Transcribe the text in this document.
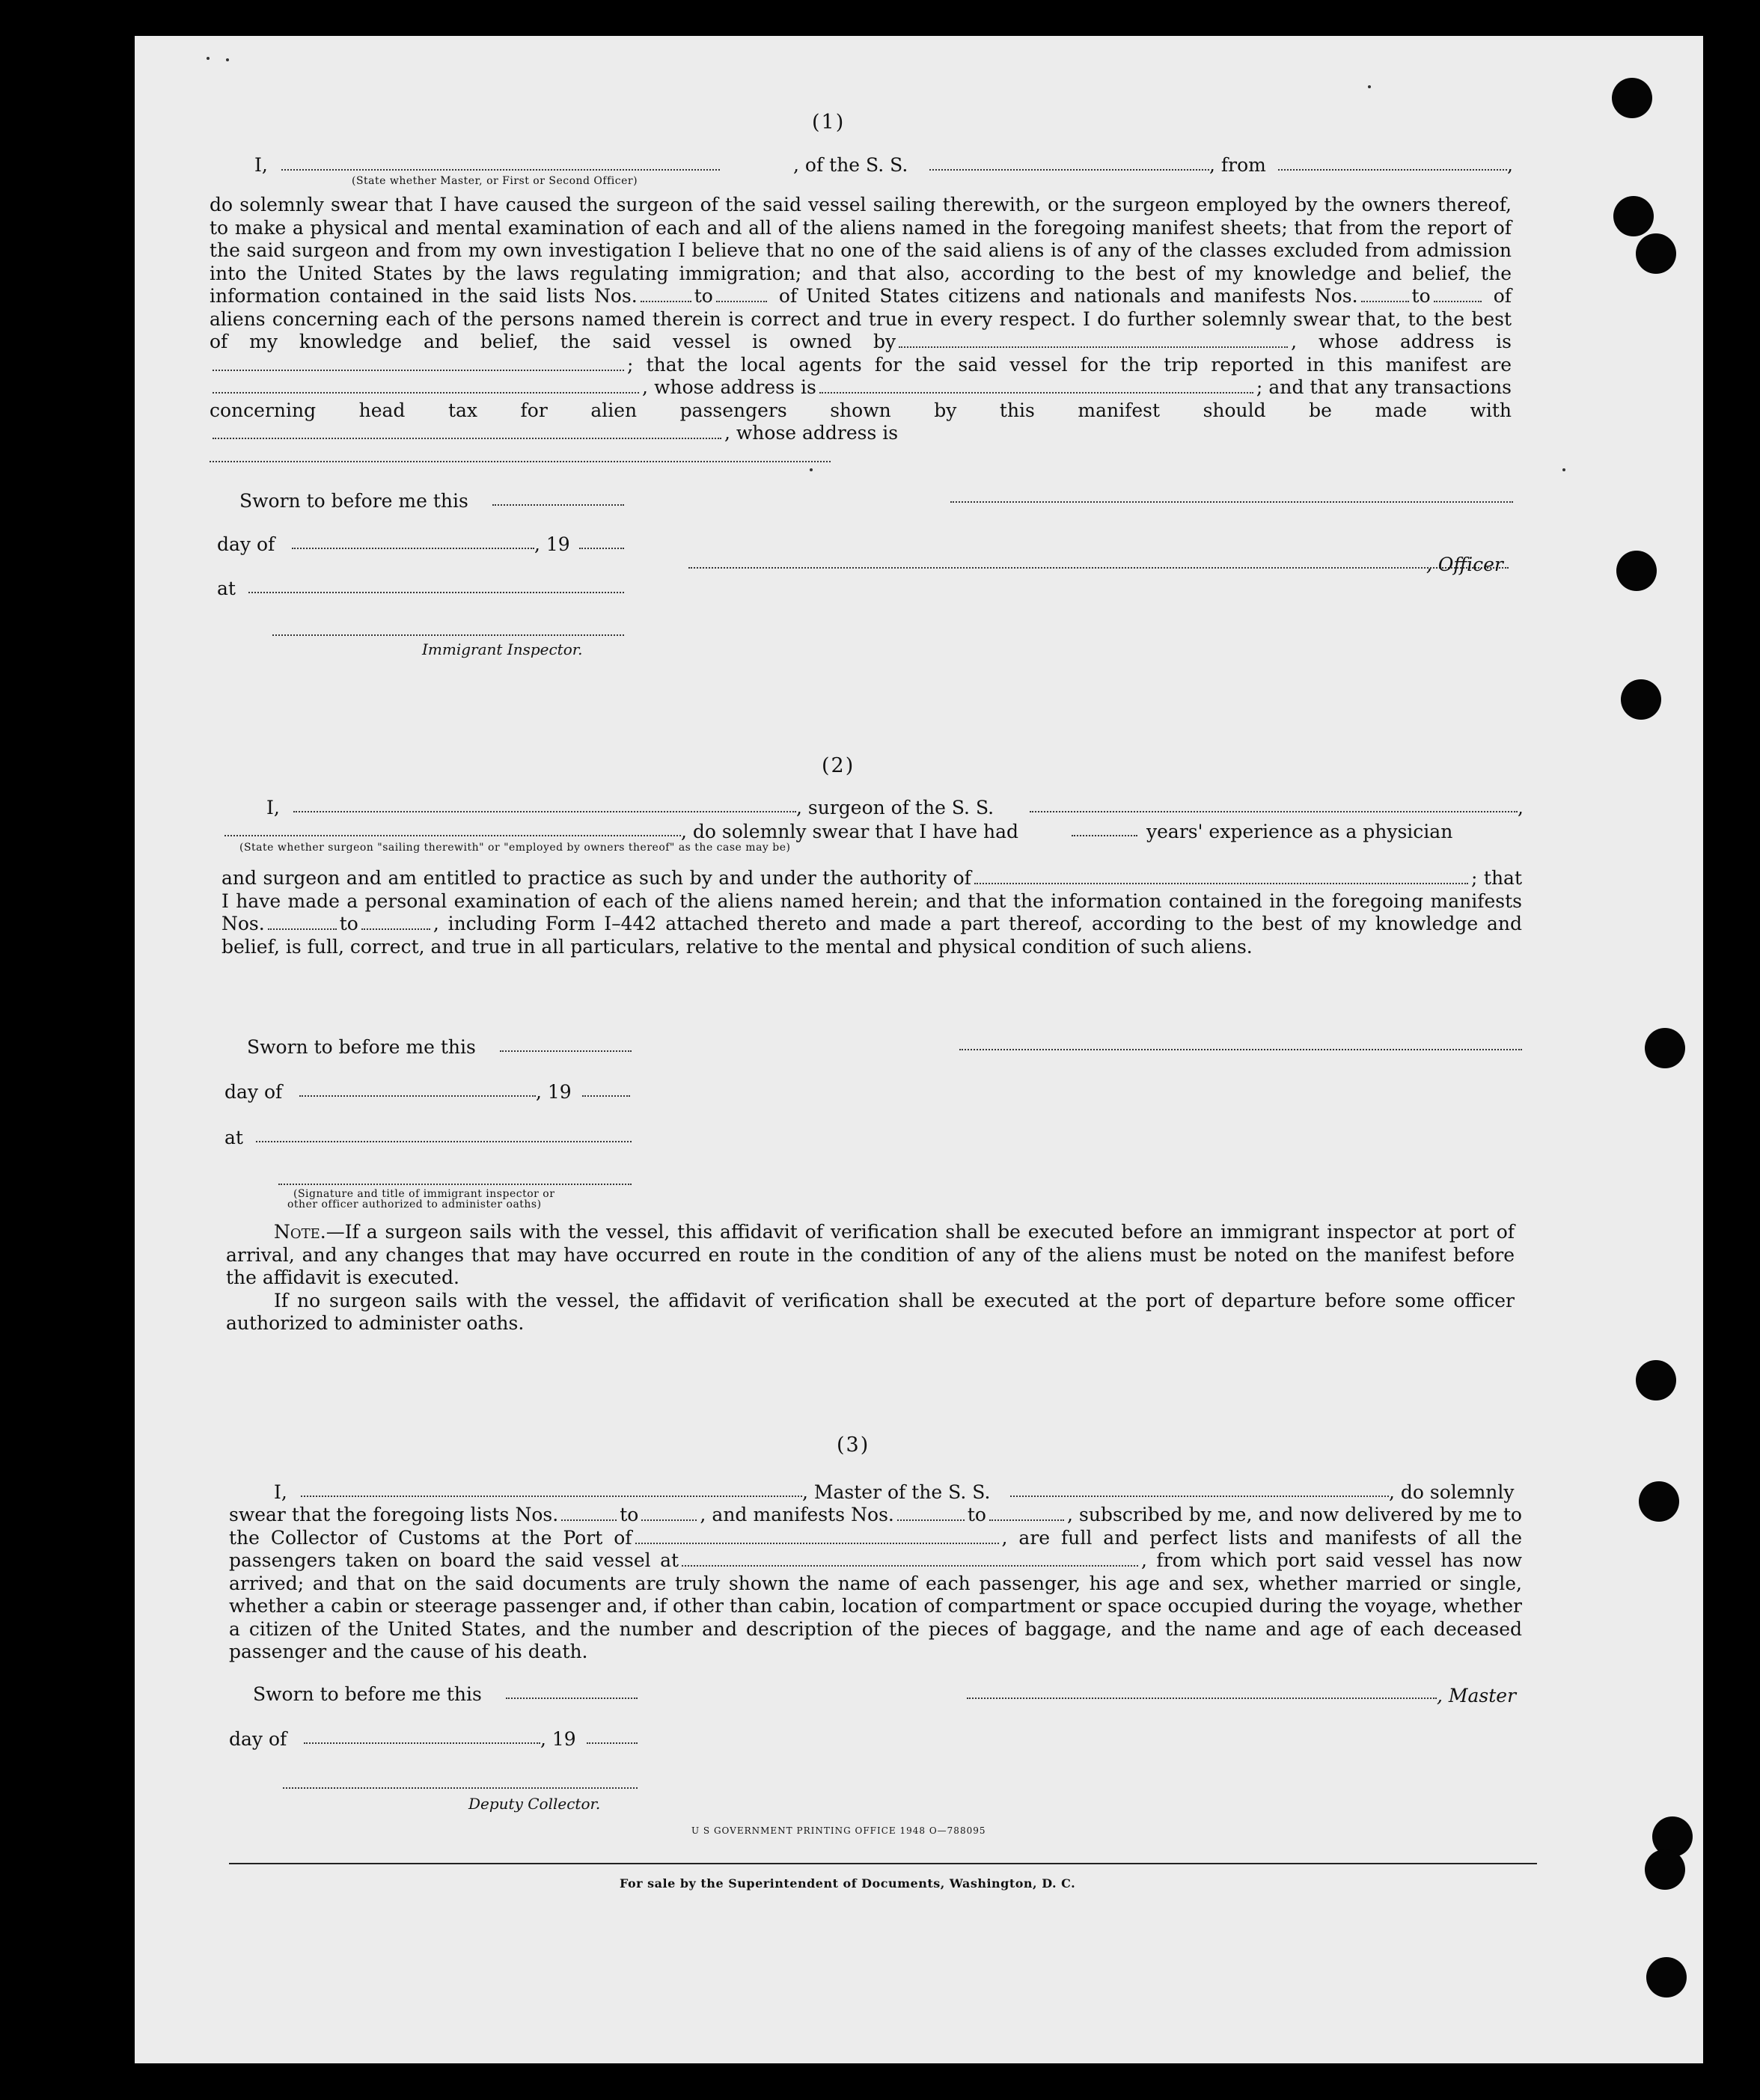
(1)
I,
(State whether Master, or First or Second Officer)
, of the S. S.	, from	,
do solemnly swear that I have caused the surgeon of the said vessel sailing therewith, or the surgeon employed by the owners thereof, to make a physical and mental examination of each and all of the aliens named in the foregoing manifest sheets; that from the report of the said surgeon and from my own investigation I believe that no one of the said aliens is of any of the classes excluded from admission into the United States by the laws regulating immigration; and that also, according to the best of my knowledge and belief, the information contained in the said lists Nos.	to	of United States citizens and nationals and manifests Nos.	to	of aliens concerning each of the persons named therein is correct and true in every respect. I do further solemnly swear that, to the best of my knowledge and belief, the said vessel is owned by	, whose address is; that the local agents for the said vessel for the trip reported in this manifest are, whose address is	; and that any transactions concerning head tax for alien passengers shown by this manifest should be made with, whose address is

Sworn to before me this
day of	, 19
, Officer
at
Immigrant Inspector.
(2)
I,	, surgeon of the S. S.	,
, do solemnly swear that I have had	years' experience as a physician
(State whether surgeon "sailing therewith" or "employed by owners thereof" as the case may be)
and surgeon and am entitled to practice as such by and under the authority of	; that I have made a personal examination of each of the aliens named herein; and that the information contained in the foregoing manifests Nos.	to	, including Form I–442 attached thereto and made a part thereof, according to the best of my knowledge and belief, is full, correct, and true in all particulars, relative to the mental and physical condition of such aliens.
Sworn to before me this
day of	, 19
at
(Signature and title of immigrant inspector or
other officer authorized to administer oaths)
Note.—If a surgeon sails with the vessel, this affidavit of verification shall be executed before an immigrant inspector at port of arrival, and any changes that may have occurred en route in the condition of any of the aliens must be noted on the manifest before the affidavit is executed.
If no surgeon sails with the vessel, the affidavit of verification shall be executed at the port of departure before some officer authorized to administer oaths.
(3)
I,	, Master of the S. S.	, do solemnly
swear that the foregoing lists Nos.	to	, and manifests Nos.	to	, subscribed by me, and now delivered by me to the Collector of Customs at the Port of	, are full and perfect lists and manifests of all the passengers taken on board the said vessel at	, from which port said vessel has now arrived; and that on the said documents are truly shown the name of each passenger, his age and sex, whether married or single, whether a cabin or steerage passenger and, if other than cabin, location of compartment or space occupied during the voyage, whether a citizen of the United States, and the number and description of the pieces of baggage, and the name and age of each deceased passenger and the cause of his death.
Sworn to before me this	, Master
day of	, 19
Deputy Collector.
U S GOVERNMENT PRINTING OFFICE 1948 O—788095
For sale by the Superintendent of Documents, Washington, D. C.
